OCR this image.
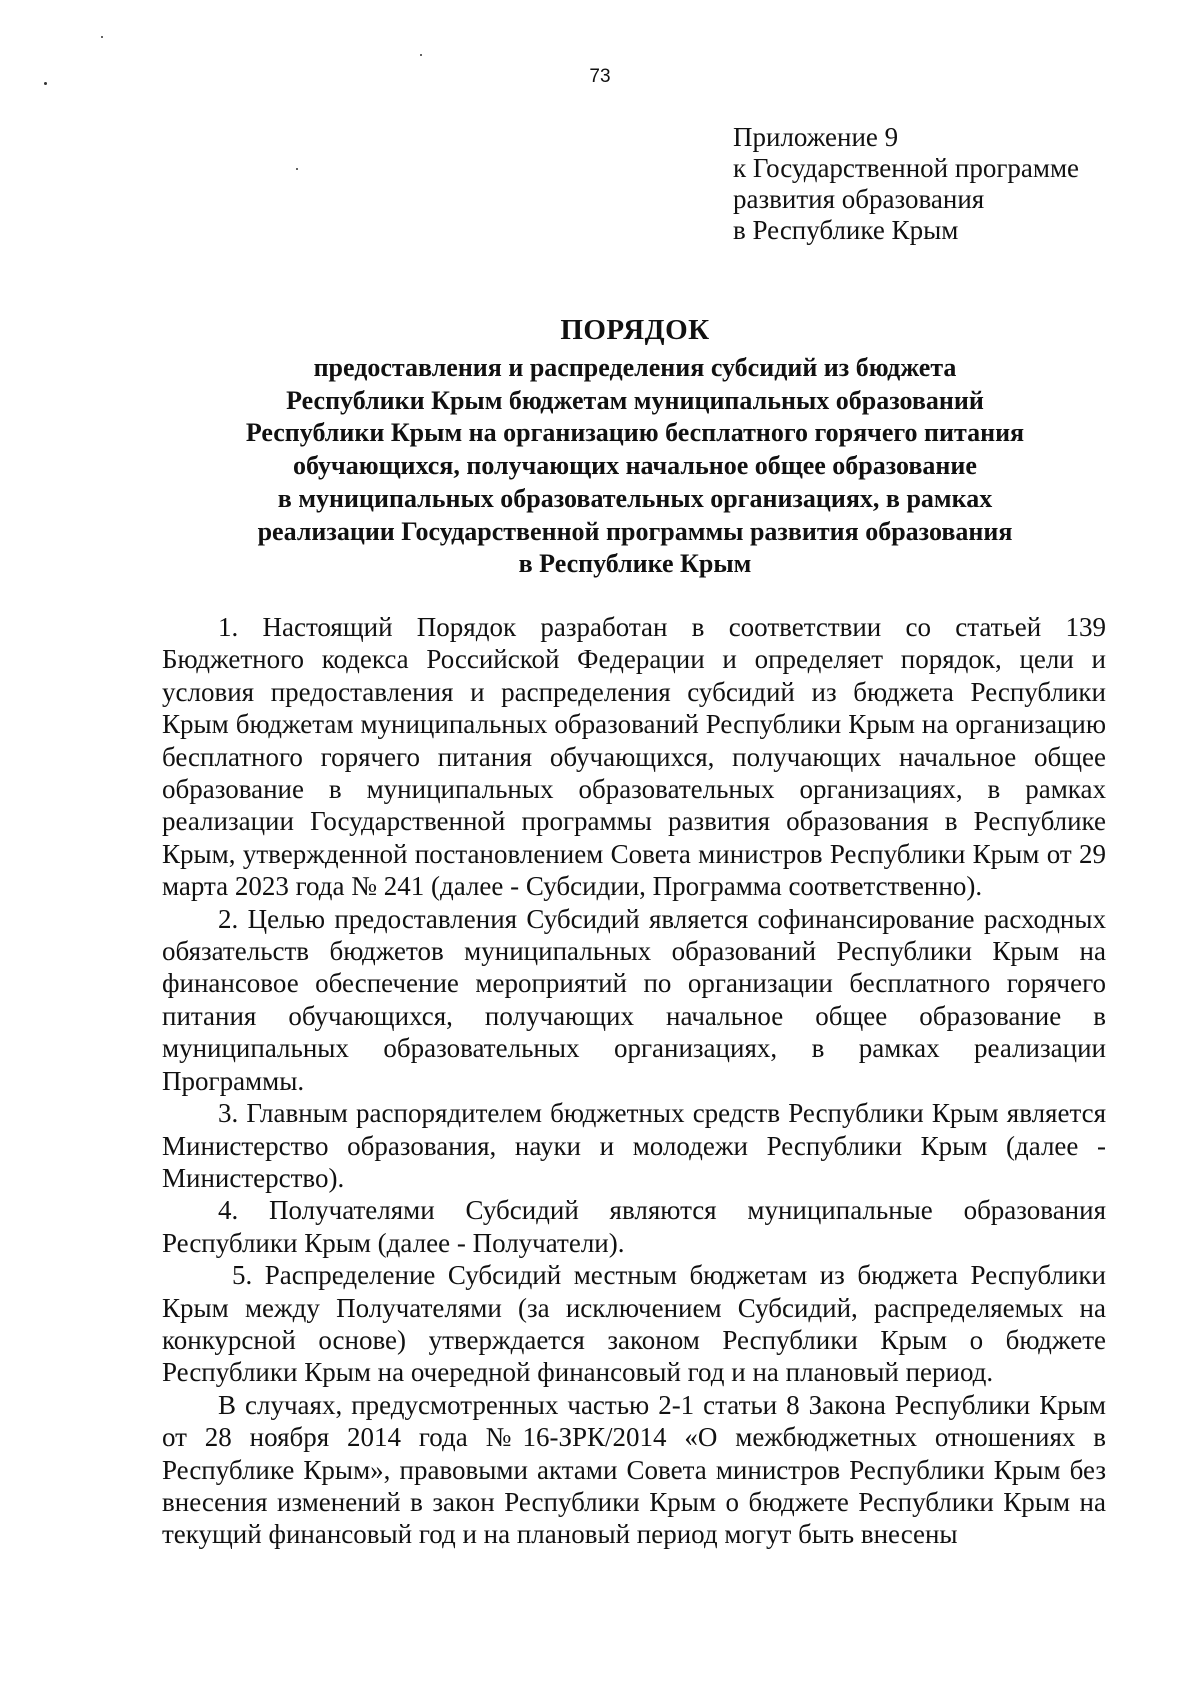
73
Приложение 9
к Государственной программе
развития образования
в Республике Крым
ПОРЯДОК
предоставления и распределения субсидий из бюджета
Республики Крым бюджетам муниципальных образований
Республики Крым на организацию бесплатного горячего питания
обучающихся, получающих начальное общее образование
в муниципальных образовательных организациях, в рамках
реализации Государственной программы развития образования
в Республике Крым

1. Настоящий Порядок разработан в соответствии со статьей 139 Бюджетного кодекса Российской Федерации и определяет порядок, цели и условия предоставления и распределения субсидий из бюджета Республики Крым бюджетам муниципальных образований Республики Крым на организацию бесплатного горячего питания обучающихся, получающих начальное общее образование в муниципальных образовательных организациях, в рамках реализации Государственной программы развития образования в Республике Крым, утвержденной постановлением Совета министров Республики Крым от 29 марта 2023 года № 241 (далее - Субсидии, Программа соответственно).

2. Целью предоставления Субсидий является софинансирование расходных обязательств бюджетов муниципальных образований Республики Крым на финансовое обеспечение мероприятий по организации бесплатного горячего питания обучающихся, получающих начальное общее образование в муниципальных образовательных организациях, в рамках реализации Программы.

3. Главным распорядителем бюджетных средств Республики Крым является Министерство образования, науки и молодежи Республики Крым (далее - Министерство).

4. Получателями Субсидий являются муниципальные образования Республики Крым (далее - Получатели).

5. Распределение Субсидий местным бюджетам из бюджета Республики Крым между Получателями (за исключением Субсидий, распределяемых на конкурсной основе) утверждается законом Республики Крым о бюджете Республики Крым на очередной финансовый год и на плановый период.

В случаях, предусмотренных частью 2-1 статьи 8 Закона Республики Крым от 28 ноября 2014 года №16-ЗРК/2014 «О межбюджетных отношениях в Республике Крым», правовыми актами Совета министров Республики Крым без внесения изменений в закон Республики Крым о бюджете Республики Крым на текущий финансовый год и на плановый период могут быть внесены
